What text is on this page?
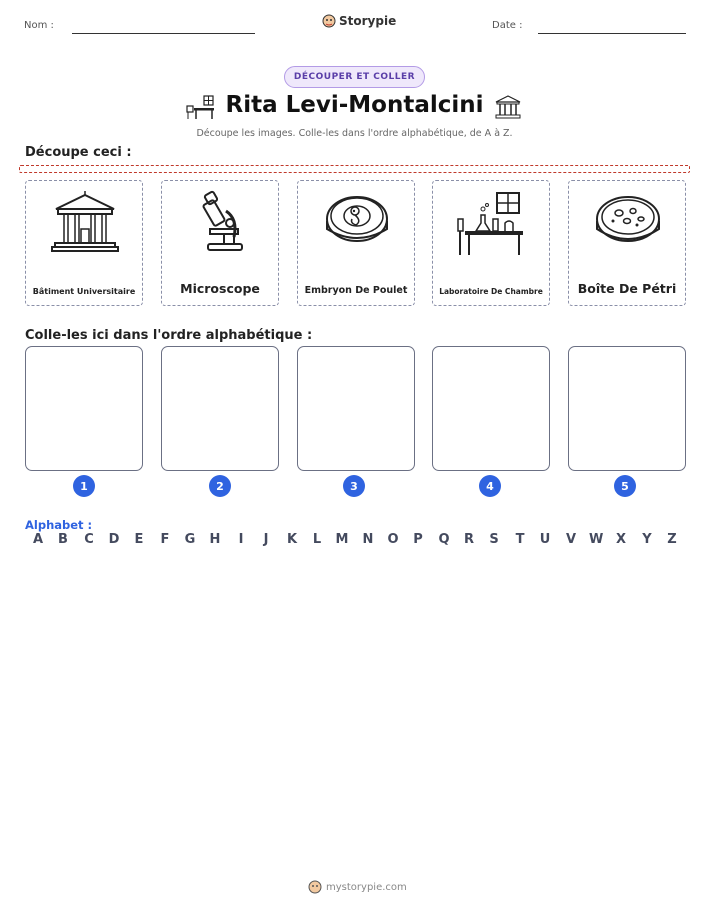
Nom :	Storypie	Date :
DÉCOUPER ET COLLER
Rita Levi-Montalcini
Découpe les images. Colle-les dans l'ordre alphabétique, de A à Z.
Découpe ceci :
Bâtiment Universitaire	Microscope	Embryon De Poulet	Laboratoire De Chambre	Boîte De Pétri
Colle-les ici dans l'ordre alphabétique :
1	2	3	4	5
Alphabet :
A B C D E F G H	I	J	K L M N O P Q R S T U V W X Y Z
mystorypie.com
